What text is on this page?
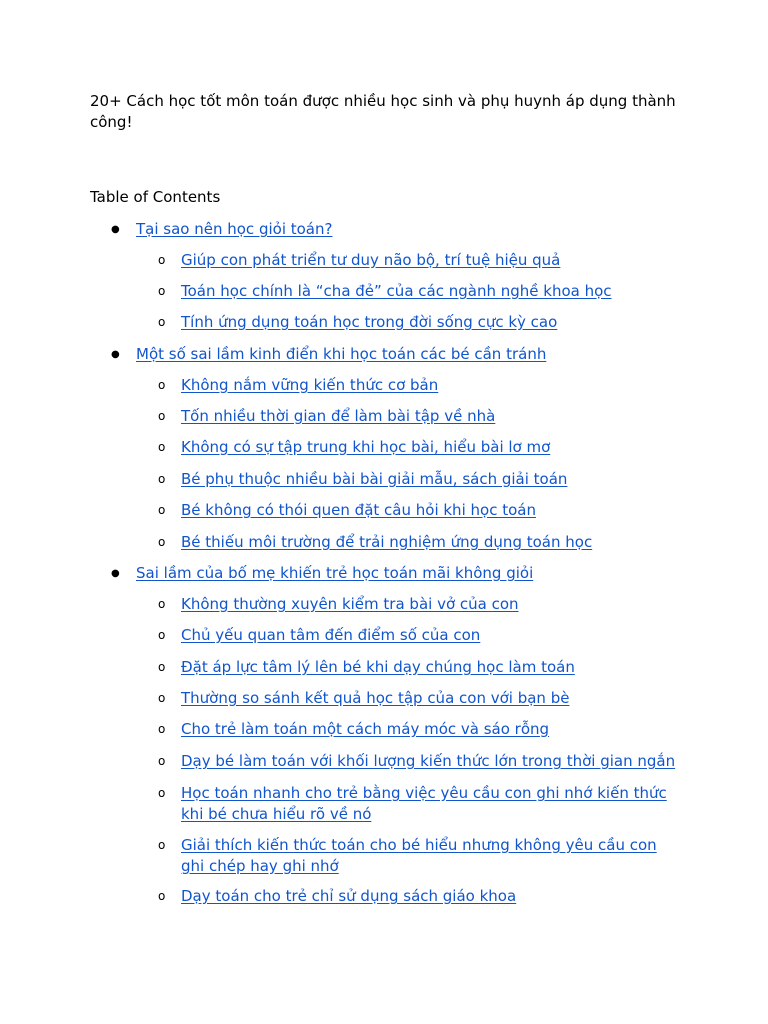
20+ Cách học tốt môn toán được nhiều học sinh và phụ huynh áp dụng thành công!
Table of Contents
● Tại sao nên học giỏi toán?
o Giúp con phát triển tư duy não bộ, trí tuệ hiệu quả
o Toán học chính là “cha đẻ” của các ngành nghề khoa học
o Tính ứng dụng toán học trong đời sống cực kỳ cao
● Một số sai lầm kinh điển khi học toán các bé cần tránh
o Không nắm vững kiến thức cơ bản
o Tốn nhiều thời gian để làm bài tập về nhà
o Không có sự tập trung khi học bài, hiểu bài lơ mơ
o Bé phụ thuộc nhiều bài bài giải mẫu, sách giải toán
o Bé không có thói quen đặt câu hỏi khi học toán
o Bé thiếu môi trường để trải nghiệm ứng dụng toán học
● Sai lầm của bố mẹ khiến trẻ học toán mãi không giỏi
o Không thường xuyên kiểm tra bài vở của con
o Chủ yếu quan tâm đến điểm số của con
o Đặt áp lực tâm lý lên bé khi dạy chúng học làm toán
o Thường so sánh kết quả học tập của con với bạn bè
o Cho trẻ làm toán một cách máy móc và sáo rỗng
o Dạy bé làm toán với khối lượng kiến thức lớn trong thời gian ngắn
o Học toán nhanh cho trẻ bằng việc yêu cầu con ghi nhớ kiến thức khi bé chưa hiểu rõ về nó
o Giải thích kiến thức toán cho bé hiểu nhưng không yêu cầu con ghi chép hay ghi nhớ
o Dạy toán cho trẻ chỉ sử dụng sách giáo khoa
